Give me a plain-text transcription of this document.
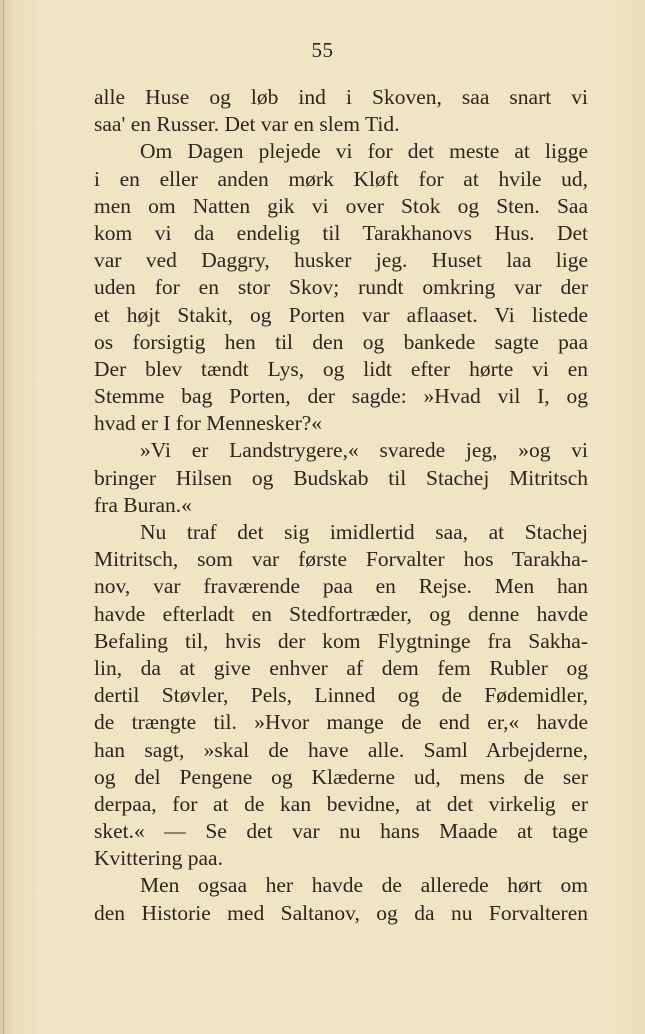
55
alle Huse og løb ind i Skoven, saa snart vi
saa' en Russer. Det var en slem Tid.
Om Dagen plejede vi for det meste at ligge
i en eller anden mørk Kløft for at hvile ud,
men om Natten gik vi over Stok og Sten. Saa
kom vi da endelig til Tarakhanovs Hus. Det
var ved Daggry, husker jeg. Huset laa lige
uden for en stor Skov; rundt omkring var der
et højt Stakit, og Porten var aflaaset. Vi listede
os forsigtig hen til den og bankede sagte paa
Der blev tændt Lys, og lidt efter hørte vi en
Stemme bag Porten, der sagde: »Hvad vil I, og
hvad er I for Mennesker?«
»Vi er Landstrygere,« svarede jeg, »og vi
bringer Hilsen og Budskab til Stachej Mitritsch
fra Buran.«
Nu traf det sig imidlertid saa, at Stachej
Mitritsch, som var første Forvalter hos Tarakha-
nov, var fraværende paa en Rejse. Men han
havde efterladt en Stedfortræder, og denne havde
Befaling til, hvis der kom Flygtninge fra Sakha-
lin, da at give enhver af dem fem Rubler og
dertil Støvler, Pels, Linned og de Fødemidler,
de trængte til. »Hvor mange de end er,« havde
han sagt, »skal de have alle. Saml Arbejderne,
og del Pengene og Klæderne ud, mens de ser
derpaa, for at de kan bevidne, at det virkelig er
sket.« — Se det var nu hans Maade at tage
Kvittering paa.
Men ogsaa her havde de allerede hørt om
den Historie med Saltanov, og da nu Forvalteren
